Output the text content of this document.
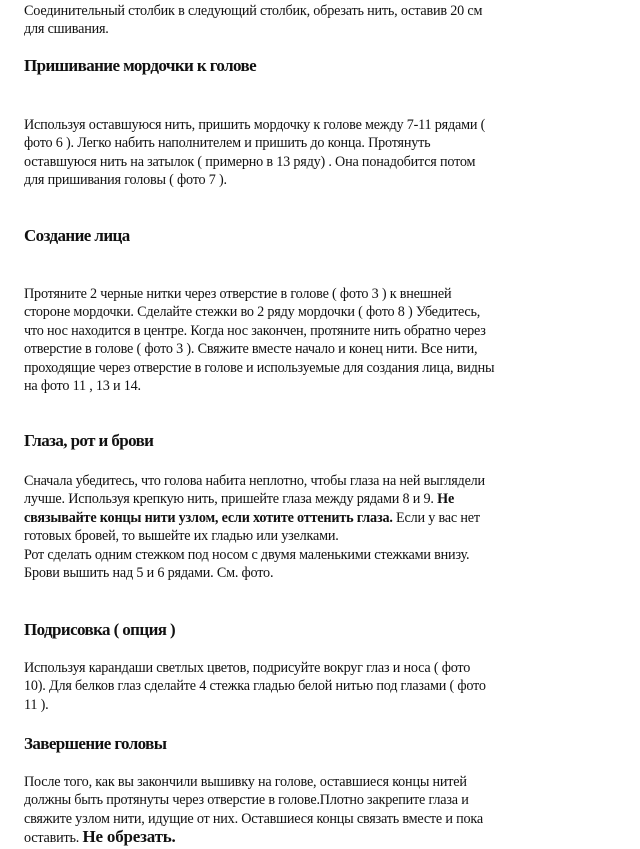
Соединительный столбик в следующий столбик, обрезать нить, оставив 20 см
для сшивания.

Пришивание мордочки к голове

Используя оставшуюся нить, пришить мордочку к голове между 7-11 рядами (
фото 6 ). Легко набить наполнителем и пришить до конца. Протянуть
оставшуюся нить на затылок ( примерно в 13 ряду) . Она понадобится потом
для пришивания головы ( фото 7 ).

Создание лица

Протяните 2 черные нитки через отверстие в голове ( фото 3 ) к внешней
стороне мордочки. Сделайте стежки во 2 ряду мордочки ( фото 8 ) Убедитесь,
что нос находится в центре. Когда нос закончен, протяните нить обратно через
отверстие в голове ( фото 3 ). Свяжите вместе начало и конец нити. Все нити,
проходящие через отверстие в голове и используемые для создания лица, видны
на фото 11 , 13 и 14.

Глаза, рот и брови

Сначала убедитесь, что голова набита неплотно, чтобы глаза на ней выглядели
лучше. Используя крепкую нить, пришейте глаза между рядами 8 и 9. Не
связывайте концы нити узлом, если хотите оттенить глаза. Если у вас нет
готовых бровей, то вышейте их гладью или узелками.
Рот сделать одним стежком под носом с двумя маленькими стежками внизу.
Брови вышить над 5 и 6 рядами. См. фото.

Подрисовка ( опция )

Используя карандаши светлых цветов, подрисуйте вокруг глаз и носа ( фото
10). Для белков глаз сделайте 4 стежка гладью белой нитью под глазами ( фото
11 ).

Завершение головы

После того, как вы закончили вышивку на голове, оставшиеся концы нитей
должны быть протянуты через отверстие в голове.Плотно закрепите глаза и
свяжите узлом нити, идущие от них. Оставшиеся концы связать вместе и пока
оставить. Не обрезать.
